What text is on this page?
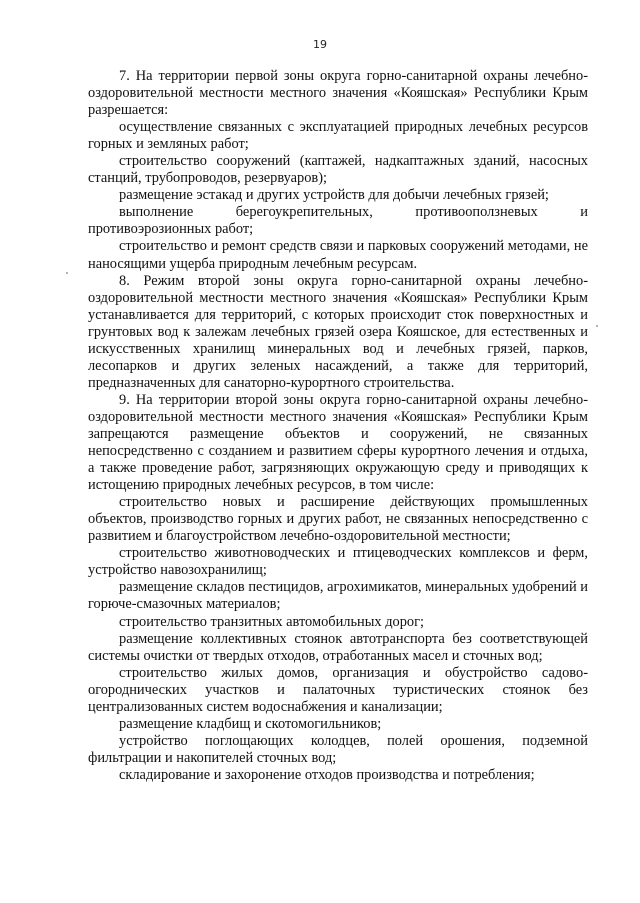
19

7. На территории первой зоны округа горно-санитарной охраны лечебно-оздоровительной местности местного значения «Кояшская» Республики Крым разрешается:

осуществление связанных с эксплуатацией природных лечебных ресурсов горных и земляных работ;

строительство сооружений (каптажей, надкаптажных зданий, насосных станций, трубопроводов, резервуаров);

размещение эстакад и других устройств для добычи лечебных грязей;

выполнение берегоукрепительных, противооползневых и противоэрозионных работ;

строительство и ремонт средств связи и парковых сооружений методами, не наносящими ущерба природным лечебным ресурсам.

8. Режим второй зоны округа горно-санитарной охраны лечебно-оздоровительной местности местного значения «Кояшская» Республики Крым устанавливается для территорий, с которых происходит сток поверхностных и грунтовых вод к залежам лечебных грязей озера Кояшское, для естественных и искусственных хранилищ минеральных вод и лечебных грязей, парков, лесопарков и других зеленых насаждений, а также для территорий, предназначенных для санаторно-курортного строительства.

9. На территории второй зоны округа горно-санитарной охраны лечебно-оздоровительной местности местного значения «Кояшская» Республики Крым запрещаются размещение объектов и сооружений, не связанных непосредственно с созданием и развитием сферы курортного лечения и отдыха, а также проведение работ, загрязняющих окружающую среду и приводящих к истощению природных лечебных ресурсов, в том числе:

строительство новых и расширение действующих промышленных объектов, производство горных и других работ, не связанных непосредственно с развитием и благоустройством лечебно-оздоровительной местности;

строительство животноводческих и птицеводческих комплексов и ферм, устройство навозохранилищ;

размещение складов пестицидов, агрохимикатов, минеральных удобрений и горюче-смазочных материалов;

строительство транзитных автомобильных дорог;

размещение коллективных стоянок автотранспорта без соответствующей системы очистки от твердых отходов, отработанных масел и сточных вод;

строительство жилых домов, организация и обустройство садово-огороднических участков и палаточных туристических стоянок без централизованных систем водоснабжения и канализации;

размещение кладбищ и скотомогильников;

устройство поглощающих колодцев, полей орошения, подземной фильтрации и накопителей сточных вод;

складирование и захоронение отходов производства и потребления;
